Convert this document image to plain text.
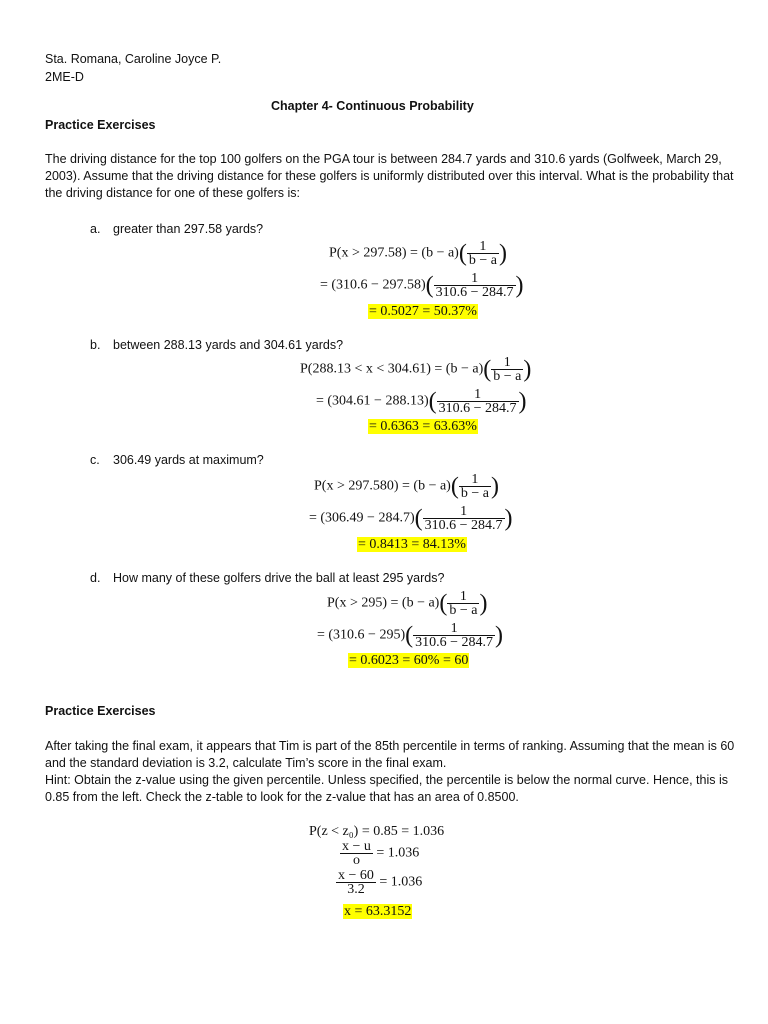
Sta. Romana, Caroline Joyce P.
2ME-D
Chapter 4- Continuous Probability
Practice Exercises
The driving distance for the top 100 golfers on the PGA tour is between 284.7 yards and 310.6 yards (Golfweek, March 29, 2003). Assume that the driving distance for these golfers is uniformly distributed over this interval. What is the probability that the driving distance for one of these golfers is:
a. greater than 297.58 yards?
$P(x > 297.58) = (b - a)( \frac{1}{b - a}$ )
= $(310.6 - 297.58)( \frac{1}{310.6 - 284.7}$ )
= 0.5027 = 50.37%
b. between 288.13 yards and 304.61 yards?
$P(288.13 < x < 304.61) = (b - a)( \frac{1}{b - a}$ )
= $(304.61 - 288.13)( \frac{1}{310.6 - 284.7}$ )
= 0.6363 = 63.63%
c. 306.49 yards at maximum?
$P(x > 297.580) = (b - a)( \frac{1}{b - a}$ )
= $(306.49 - 284.7)( \frac{1}{310.6 - 284.7}$ )
= 0.8413 = 84.13%
d. How many of these golfers drive the ball at least 295 yards?
$P(x > 295) = (b - a)( \frac{1}{b - a}$ )
= $(310.6 - 295)( \frac{1}{310.6 - 284.7}$ )
= 0.6023 = 60% = 60
Practice Exercises
After taking the final exam, it appears that Tim is part of the 85th percentile in terms of ranking. Assuming that the mean is 60 and the standard deviation is 3.2, calculate Tim’s score in the final exam.
Hint: Obtain the z-value using the given percentile. Unless specified, the percentile is below the normal curve. Hence, this is 0.85 from the left. Check the z-table to look for the z-value that has an area of 0.8500.
P(z < z₀) = 0.85 = 1.036
$\frac{x - u}{o} = 1.036$
$\frac{x - 60}{3.2} = 1.036$
x = 63.3152
